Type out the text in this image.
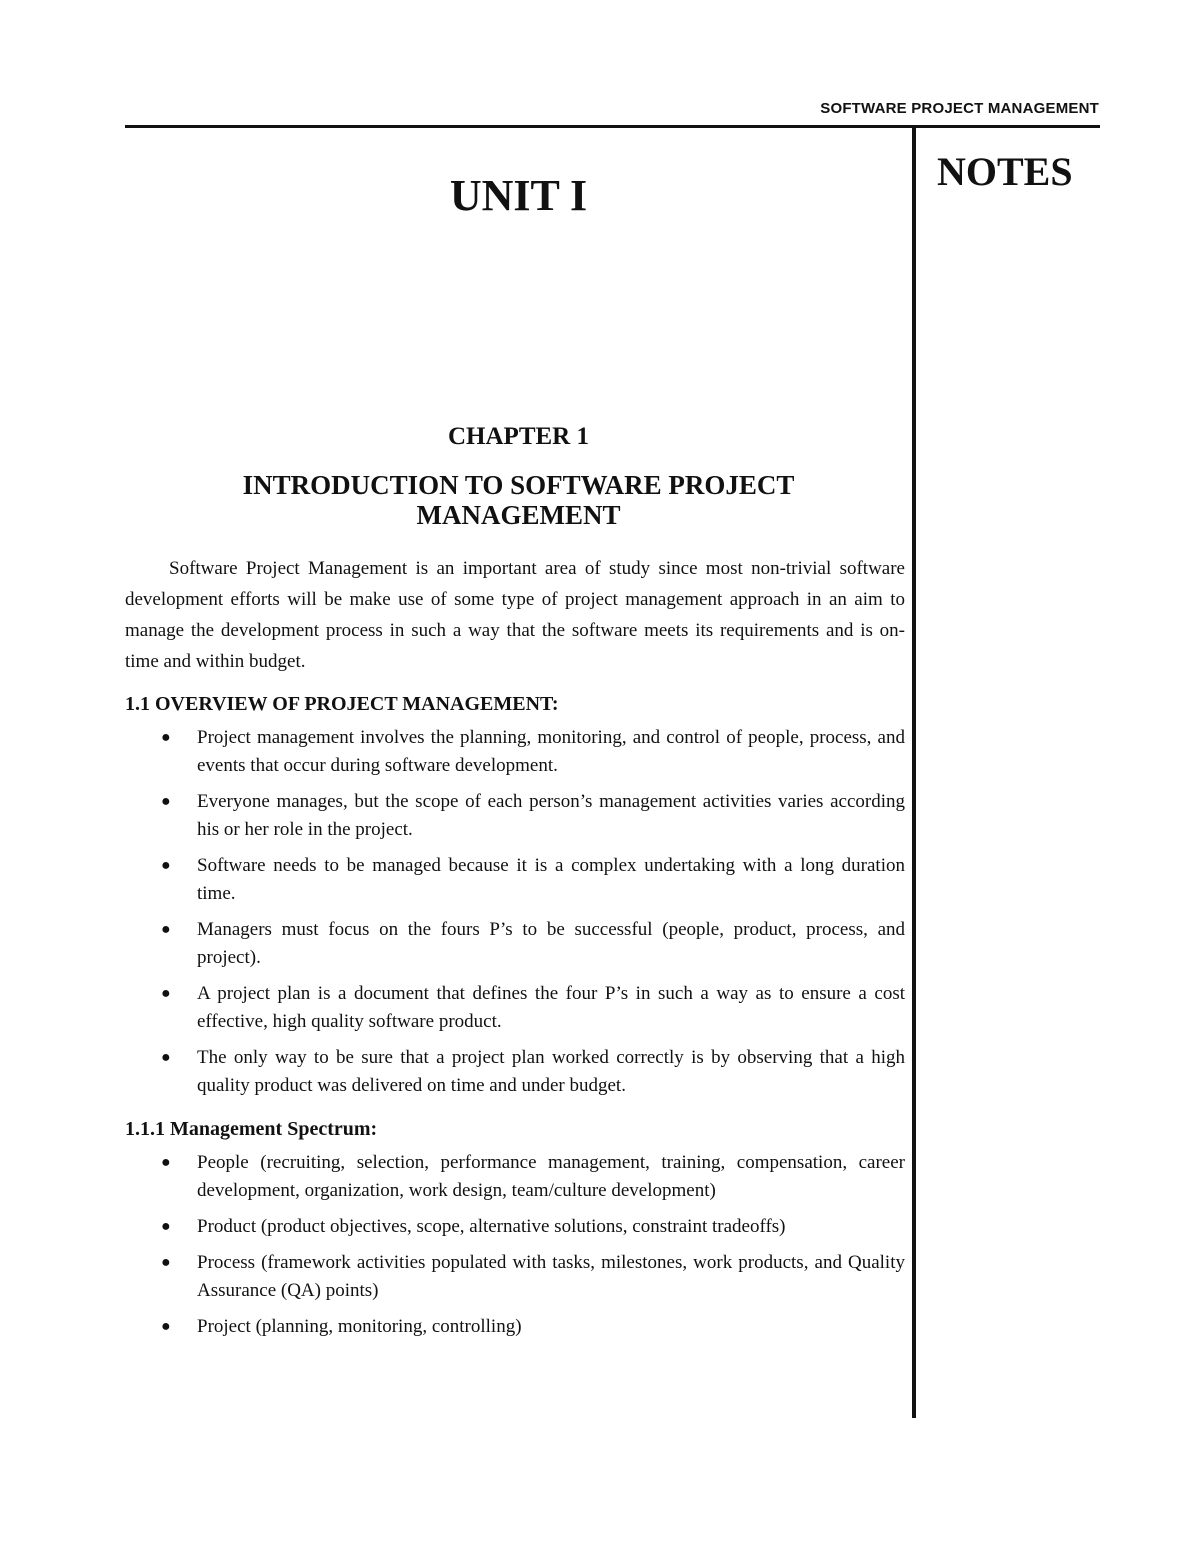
SOFTWARE PROJECT MANAGEMENT
NOTES
UNIT I
CHAPTER 1
INTRODUCTION TO SOFTWARE PROJECT
MANAGEMENT

Software Project Management is an important area of study since most non-trivial software development efforts will be make use of some type of project management approach in an aim to manage the development process in such a way that the software meets its requirements and is on-time and within budget.

1.1 OVERVIEW OF PROJECT MANAGEMENT:
● Project management involves the planning, monitoring, and control of people, process, and events that occur during software development.
● Everyone manages, but the scope of each person’s management activities varies according his or her role in the project.
● Software needs to be managed because it is a complex undertaking with a long duration time.
● Managers must focus on the fours P’s to be successful (people, product, process, and project).
● A project plan is a document that defines the four P’s in such a way as to ensure a cost effective, high quality software product.
● The only way to be sure that a project plan worked correctly is by observing that a high quality product was delivered on time and under budget.
1.1.1 Management Spectrum:
● People (recruiting, selection, performance management, training, compensation, career development, organization, work design, team/culture development)
● Product (product objectives, scope, alternative solutions, constraint tradeoffs)
● Process (framework activities populated with tasks, milestones, work products, and Quality Assurance (QA) points)
● Project (planning, monitoring, controlling)
